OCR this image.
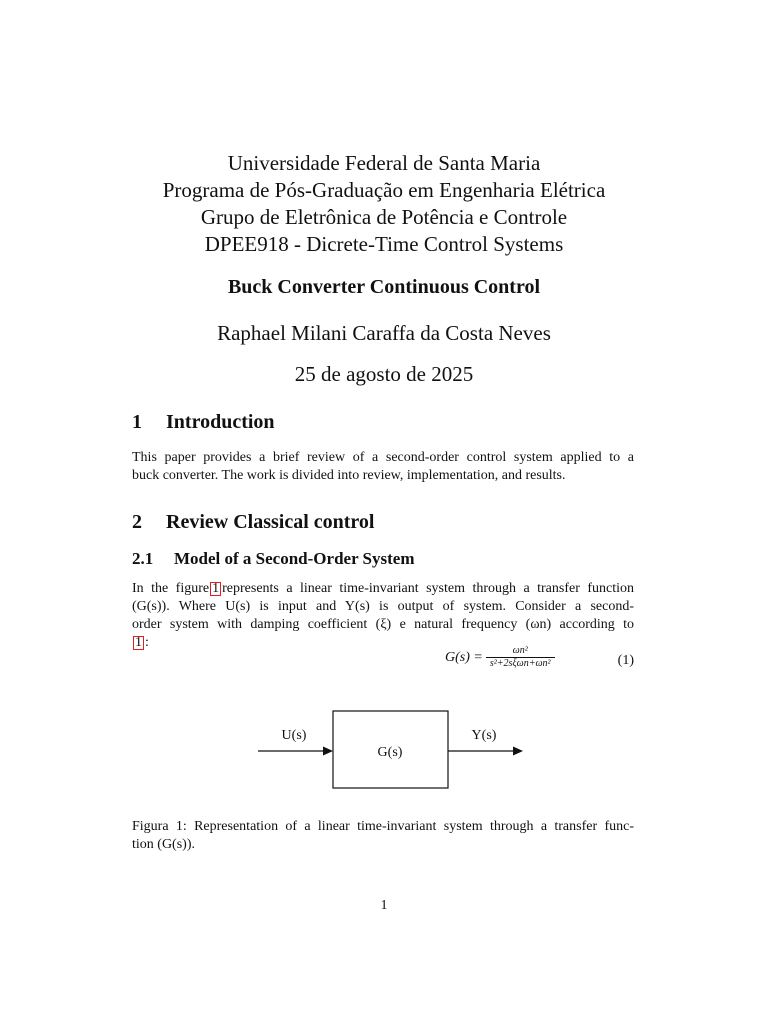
Universidade Federal de Santa Maria
Programa de Pós-Graduação em Engenharia Elétrica
Grupo de Eletrônica de Potência e Controle
DPEE918 - Dicrete-Time Control Systems
Buck Converter Continuous Control
Raphael Milani Caraffa da Costa Neves
25 de agosto de 2025
1 Introduction
This paper provides a brief review of a second-order control system applied to a
buck converter. The work is divided into review, implementation, and results.
2 Review Classical control
2.1 Model of a Second-Order System
In the figure 1 represents a linear time-invariant system through a transfer function
(G(s)). Where U(s) is input and Y(s) is output of system. Consider a second-
order system with damping coefficient (ξ) e natural frequency (ωn) according to
1 :
$G(s) = \frac{\text{ωn²}}{\text{s²+2sξωn+ωn²}}$	(1)
U(s)
G(s)
Y(s)
Figura 1: Representation of a linear time-invariant system through a transfer func-
tion (G(s)).
1
